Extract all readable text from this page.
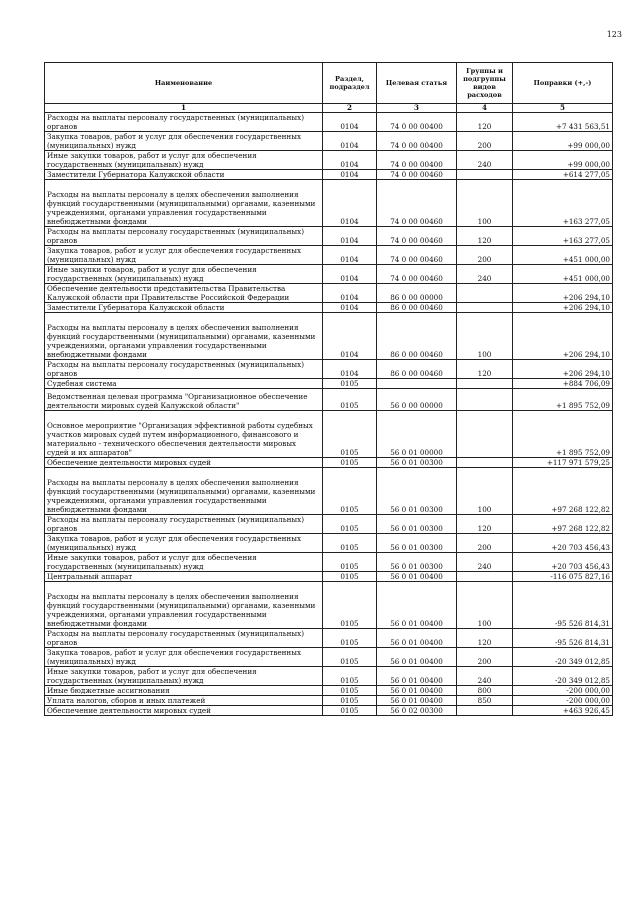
123
Наименование	Раздел, подраздел	Целевая статья	Группы и подгруппы видов расходов	Поправки (+,-)
1	2	3	4	5
Расходы на выплаты персоналу государственных (муниципальных) органов	0104	74 0 00 00400	120	+7 431 563,51
Закупка товаров, работ и услуг для обеспечения государственных (муниципальных) нужд	0104	74 0 00 00400	200	+99 000,00
Иные закупки товаров, работ и услуг для обеспечения государственных (муниципальных) нужд	0104	74 0 00 00400	240	+99 000,00
Заместители Губернатора Калужской области	0104	74 0 00 00460		+614 277,05
Расходы на выплаты персоналу в целях обеспечения выполнения функций государственными (муниципальными) органами, казенными учреждениями, органами управления государственными внебюджетными фондами	0104	74 0 00 00460	100	+163 277,05
Расходы на выплаты персоналу государственных (муниципальных) органов	0104	74 0 00 00460	120	+163 277,05
Закупка товаров, работ и услуг для обеспечения государственных (муниципальных) нужд	0104	74 0 00 00460	200	+451 000,00
Иные закупки товаров, работ и услуг для обеспечения государственных (муниципальных) нужд	0104	74 0 00 00460	240	+451 000,00
Обеспечение деятельности представительства Правительства Калужской области при Правительстве Российской Федерации	0104	86 0 00 00000		+206 294,10
Заместители Губернатора Калужской области	0104	86 0 00 00460		+206 294,10
Расходы на выплаты персоналу в целях обеспечения выполнения функций государственными (муниципальными) органами, казенными учреждениями, органами управления государственными внебюджетными фондами	0104	86 0 00 00460	100	+206 294,10
Расходы на выплаты персоналу государственных (муниципальных) органов	0104	86 0 00 00460	120	+206 294,10
Судебная система	0105			+884 706,09
Ведомственная целевая программа "Организационное обеспечение деятельности мировых судей Калужской области"	0105	56 0 00 00000		+1 895 752,09
Основное мероприятие "Организация эффективной работы судебных участков мировых судей путем информационного, финансового и материально - технического обеспечения деятельности мировых судей и их аппаратов"	0105	56 0 01 00000		+1 895 752,09
Обеспечение деятельности мировых судей	0105	56 0 01 00300		+117 971 579,25
Расходы на выплаты персоналу в целях обеспечения выполнения функций государственными (муниципальными) органами, казенными учреждениями, органами управления государственными внебюджетными фондами	0105	56 0 01 00300	100	+97 268 122,82
Расходы на выплаты персоналу государственных (муниципальных) органов	0105	56 0 01 00300	120	+97 268 122,82
Закупка товаров, работ и услуг для обеспечения государственных (муниципальных) нужд	0105	56 0 01 00300	200	+20 703 456,43
Иные закупки товаров, работ и услуг для обеспечения государственных (муниципальных) нужд	0105	56 0 01 00300	240	+20 703 456,43
Центральный аппарат	0105	56 0 01 00400		-116 075 827,16
Расходы на выплаты персоналу в целях обеспечения выполнения функций государственными (муниципальными) органами, казенными учреждениями, органами управления государственными внебюджетными фондами	0105	56 0 01 00400	100	-95 526 814,31
Расходы на выплаты персоналу государственных (муниципальных) органов	0105	56 0 01 00400	120	-95 526 814,31
Закупка товаров, работ и услуг для обеспечения государственных (муниципальных) нужд	0105	56 0 01 00400	200	-20 349 012,85
Иные закупки товаров, работ и услуг для обеспечения государственных (муниципальных) нужд	0105	56 0 01 00400	240	-20 349 012,85
Иные бюджетные ассигнования	0105	56 0 01 00400	800	-200 000,00
Уплата налогов, сборов и иных платежей	0105	56 0 01 00400	850	-200 000,00
Обеспечение деятельности мировых судей	0105	56 0 02 00300		+463 926,45
